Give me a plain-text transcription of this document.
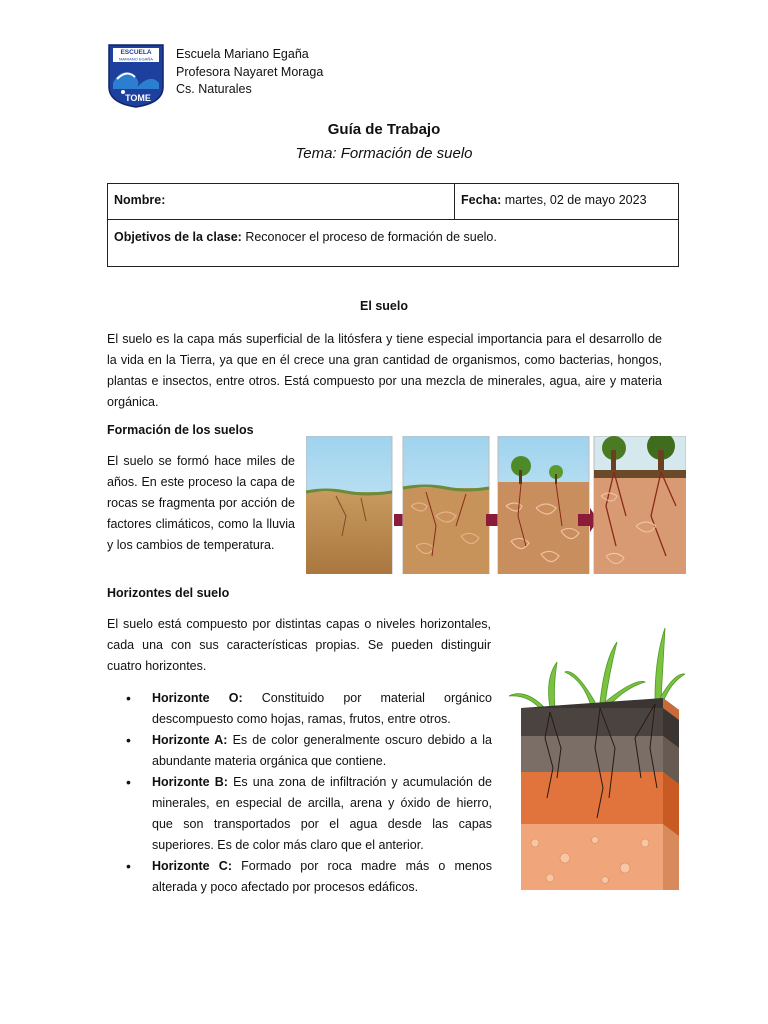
ESCUELA
MARIANO EGAÑA
TOME
Escuela Mariano Egaña
Profesora Nayaret Moraga
Cs. Naturales
Guía de Trabajo
Tema: Formación de suelo
Nombre:	Fecha: martes, 02 de mayo 2023
Objetivos de la clase: Reconocer el proceso de formación de suelo.
El suelo
El suelo es la capa más superficial de la litósfera y tiene especial importancia para el desarrollo de la vida en la Tierra, ya que en él crece una gran cantidad de organismos, como bacterias, hongos, plantas e insectos, entre otros. Está compuesto por una mezcla de minerales, agua, aire y materia orgánica.
Formación de los suelos
El suelo se formó hace miles de años. En este proceso la capa de rocas se fragmenta por acción de factores climáticos, como la lluvia y los cambios de temperatura.
Horizontes del suelo
El suelo está compuesto por distintas capas o niveles horizontales, cada una con sus características propias. Se pueden distinguir cuatro horizontes.
• Horizonte O: Constituido por material orgánico descompuesto como hojas, ramas, frutos, entre otros.
• Horizonte A: Es de color generalmente oscuro debido a la abundante materia orgánica que contiene.
• Horizonte B: Es una zona de infiltración y acumulación de minerales, en especial de arcilla, arena y óxido de hierro, que son transportados por el agua desde las capas superiores. Es de color más claro que el anterior.
• Horizonte C: Formado por roca madre más o menos alterada y poco afectado por procesos edáficos.
